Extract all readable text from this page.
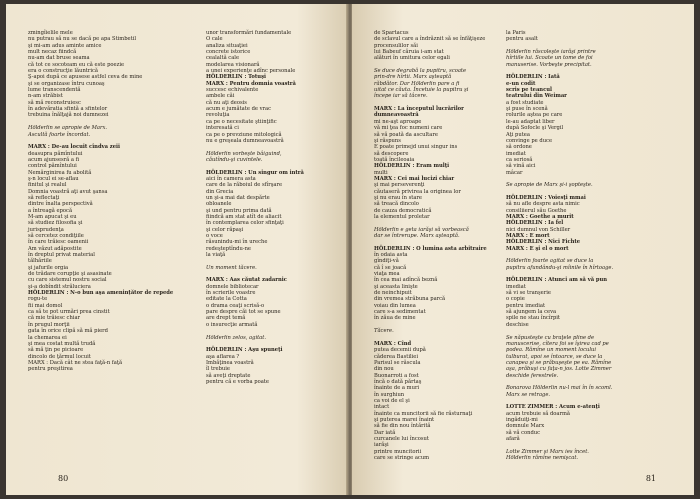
zmingîielile mele
nu putrau să nu se dacă pe apa Stimbetil
şi mi-am adus aminte amice
mult necaz fiindcă
nu-am dat bruse seama
că tot ce socoteam eu că este poezie
era o construcţie lăuntrică
Ş-apoi după ce apusese astfel ceva de mine
şi se organizase întru cunoaş
lume transcendentă
n-am străbist
să mă reconstruiesc
în adevăratia sfintă a sfintelor
trebuina înălţajă noi dumnezei

Hölderlin se apropie de Marx. Ascultă foarte încordat.

MARX : De-au locuit cîndva zeii
deasupra pămîntului
acum ajunsesră a fi
control pămîntului
Nemărginirea fu abolită
ş-n locul ei se-aflau
finitul şi realul
Domnia voastră aţi avut şansa
să reflectaţi
dintre înalta perspectivă
a întreagă epocă
M-am apucat şi eu
să studiez filosofia şi
jurisprudenţa
să cercetez condiţiile
în care trăiesc oamenii
Am văzut adăpostite
în dreptul privat material
tălhăriile
şi jafurile orgia
de trădare corupţie şi asasinate
cu care sistemul nostru social
şi-a dobîndit străluciera
HÖLDERLIN : N-o bun aşa amenințător de repede
rogu-te
fii mai domol
ca să te pot urmări prea cinstit
că mie trăiesc chiar
în prugul morţii
gata în orice clipă să mă pierd
la chemarea ei
şi mea costat multă trudă
să mă ţin pe picioare
dincolo de ţărmul locuit
MARX : Dacă cât ne stea faţă-n faţă
pentru preşitirea
unor transformări fundamentale
O cale
analiza situaţiei
concrete istorice
cealaltă cale
modelarea visionară
a unei experienţe adînc personale
HÖLDERLIN : Totuşi
MARX : Pentru domnia voastră
succesc echivalente
ambele căi
că nu aţi deosis
acum e jumătate de vrac
revoluţia
ca pe o necesitate ştiinţific
interesată ci
ca pe o prevziune mitologică
nu e greşeala dumneavoastră

Hölderlin vorbeşte bâiguind, căutîndu-şi cuvintele.

HÖLDERLIN : Un singur om intră
aici în camera asta
care de la răboiul de sfîrşare
din Grecia
un şi-a mai dat despărte
obloanele
şi und pentru prima dată
fiindcă am stat atît de aliacit
în contemplarea celor sfinţaţi
şi celor răpaşi
o voce
răsunindu-mi în ureche
redeşteptîndu-ne
la viaţă

Un moment tăcere.

MARX : Aas căutat zadarnic
domnele bibliotecar
în scrierile voastre
editate la Cotta
o drama ceaţi scrisă-o
pare despre căi tot se spune
are drept temă
o insurecţie armată

Hölderlin zelos, agitat.

HÖLDERLIN : Aşu spuneţi
aşa aflarea ?
Imbăţinea voastră
îl trebuie
să aveţi dreptate
pentru că e vorba poate
80
de Spartacus
de sclavul care a îndrăznit să se înfăţişeze
procensulilor săi
lui Babeuf căruia i-am stat
alături în umitura celor egali

Se duce degrabă la pupitru, scoate prin-dre hîrtii. Marx aşteaptă răbdător. Dar Hölderlin pare a fi uitat ce căuta. Încetuie la pupitru şi începe iar să tâcere.

MARX : La începutul lucrărilor
dumneavoastră
mi ne-aşt aproape
vă mi ţea foc numeni care
să vă poată da ascultare
şi răspuns
E poate primejd unui singur ins
să descopere
toată încileoaia
HÖLDERLIN : Eram mulţi
multi
MARX : Cei mai lucizi chiar
şi mai perseverenţi
căutaseră privirea la originea lor
şi nu erau în stare
să treacă dincolo
de cauza democratică
la elementul proletar

Hölderlin e geta iarăşi să vorbească dar se întrerupe. Marx aşteaptă.

HÖLDERLIN : O lumina asta arbitraire
în odaia asta
gîndiţi-vă
că î se joacă
viaţa mea
în cea mai adîncă beznă
şi aceasta linişte
de neinchipuit
din vremea străbuna parcă
voiau din lumea
care s-a sedimentat
în zăua de mine

Tăcere.

MARX : Cînd
putea decemii după
căderea Bastiliei
Parisul se răscula
din nou
Buonarroti a fost
încă o dată părtaş
înainte de a muri
în surghiun
ca voi de el şi
intact
înainte ca muncitorii să fie răsturnaţi
şi puterea marei înaint
să fie din nou întărită
Dar iată
curcanele lui încosut
iarăşi
printre muncitorii
care se stringe acum
la Paris
pentru asalt

Hölderlin răscoleşte iarăşi printre hîrtiile lui. Scoate un tome de foi manuserise. Vorbeşte precipitat.

HÖLDERLIN : Iată
e-un codit
scris pe teancul
teatrului din Weimar
a fost studiate
şi puse în scenă
rolurile aştea pe care
le-au adaptat liber
după Sofocle şi Vergil
Aţi putea
convinge pe duce
să ordone
imediat
ca seriosă
să vină aici
mâcar

Se apropie de Marx şi-i şopteşte.

HÖLDERLIN : Voiesţi mmai
să nu afle despre asta nimic
consiliierul său Goethe
MARX : Goethe a murit
HÖLDERLIN : Ia fel
nici dumnul von Schiller
MARX : E mort
HÖLDERLIN : Nici Fichte
MARX : E şi el o mort

Hölderlin foarte agitat se duce la pupitru afundându-şi mîinile în hîrtoage.

HÖLDERLIN : Atunci am să vă pun
imediat
să vi se tranşerie
o copie
pentru imediat
să ajungem la ceva
spile ne stau încîrpit
deschise

Se năpusteşte cu braţele pline de manuscerise, cîtera foi se îşirea cad pe podea. Rămîne un moment locului tulburat, apoi se întoarce, se duce la canapea şi se prăbuşeşte pe ea. Rămîne aşa, prăbuşi cu faţa-n jos. Lotte Zimmer deschide ferestrele.

Bonarova Hölderlin nu-l mai în în scoml. Marx se retrage.

LOTTE ZIMMER : Acum e-atenţi
acum trebuie să doarmă
ingăduiţi-mi
domnule Marx
să vă conduc
afară

Lotte Zimmer şi Marx ies încet. Hölderlin rămîne nemişcat.
81
